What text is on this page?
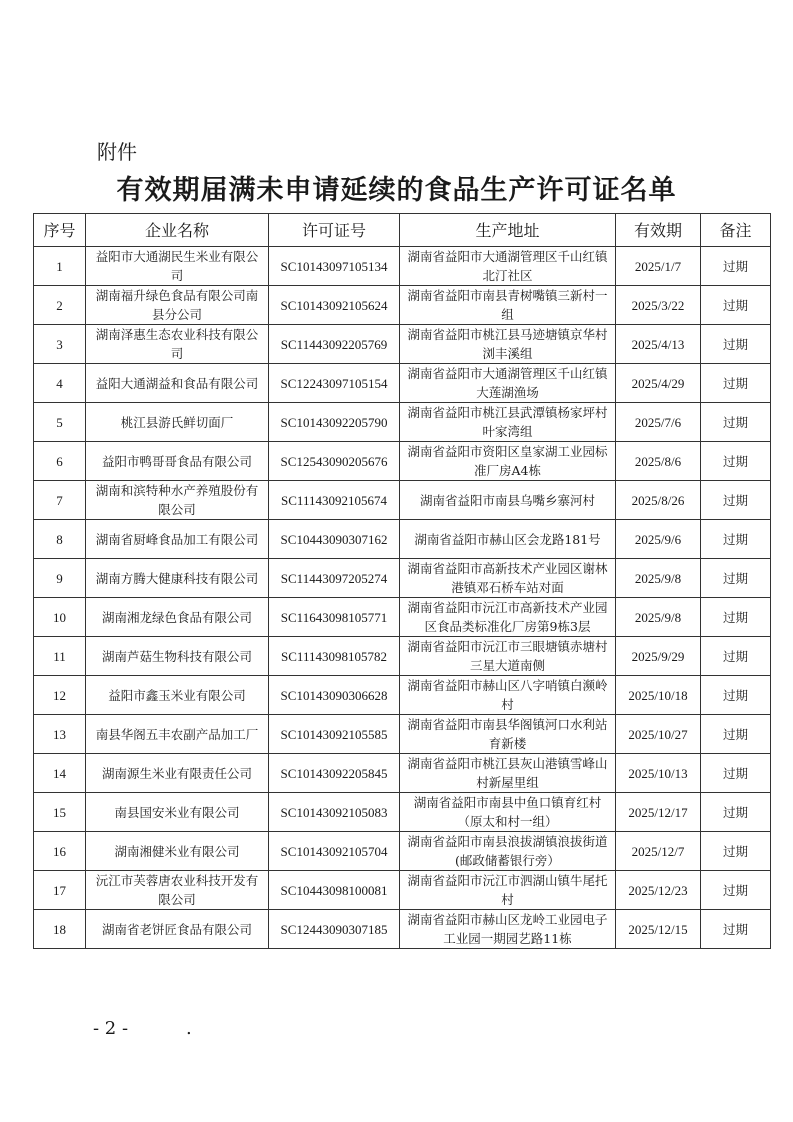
附件
有效期届满未申请延续的食品生产许可证名单
序号	企业名称	许可证号	生产地址	有效期	备注
1	益阳市大通湖民生米业有限公司	SC10143097105134	湖南省益阳市大通湖管理区千山红镇北汀社区	2025/1/7	过期
2	湖南福升绿色食品有限公司南县分公司	SC10143092105624	湖南省益阳市南县青树嘴镇三新村一组	2025/3/22	过期
3	湖南泽惠生态农业科技有限公司	SC11443092205769	湖南省益阳市桃江县马迹塘镇京华村浏丰溪组	2025/4/13	过期
4	益阳大通湖益和食品有限公司	SC12243097105154	湖南省益阳市大通湖管理区千山红镇大莲湖渔场	2025/4/29	过期
5	桃江县游氏鲜切面厂	SC10143092205790	湖南省益阳市桃江县武潭镇杨家坪村叶家湾组	2025/7/6	过期
6	益阳市鸭哥哥食品有限公司	SC12543090205676	湖南省益阳市资阳区皇家湖工业园标准厂房A4栋	2025/8/6	过期
7	湖南和滨特种水产养殖股份有限公司	SC11143092105674	湖南省益阳市南县乌嘴乡寨河村	2025/8/26	过期
8	湖南省厨峰食品加工有限公司	SC10443090307162	湖南省益阳市赫山区会龙路181号	2025/9/6	过期
9	湖南方腾大健康科技有限公司	SC11443097205274	湖南省益阳市高新技术产业园区谢林港镇邓石桥车站对面	2025/9/8	过期
10	湖南湘龙绿色食品有限公司	SC11643098105771	湖南省益阳市沅江市高新技术产业园区食品类标准化厂房第9栋3层	2025/9/8	过期
11	湖南芦菇生物科技有限公司	SC11143098105782	湖南省益阳市沅江市三眼塘镇赤塘村三星大道南侧	2025/9/29	过期
12	益阳市鑫玉米业有限公司	SC10143090306628	湖南省益阳市赫山区八字哨镇白濒岭村	2025/10/18	过期
13	南县华阁五丰农副产品加工厂	SC10143092105585	湖南省益阳市南县华阁镇河口水利站育新楼	2025/10/27	过期
14	湖南源生米业有限责任公司	SC10143092205845	湖南省益阳市桃江县灰山港镇雪峰山村新屋里组	2025/10/13	过期
15	南县国安米业有限公司	SC10143092105083	湖南省益阳市南县中鱼口镇育红村（原太和村一组）	2025/12/17	过期
16	湖南湘健米业有限公司	SC10143092105704	湖南省益阳市南县浪拔湖镇浪拔街道(邮政储蓄银行旁）	2025/12/7	过期
17	沅江市芙蓉唐农业科技开发有限公司	SC10443098100081	湖南省益阳市沅江市泗湖山镇牛尾托村	2025/12/23	过期
18	湖南省老饼匠食品有限公司	SC12443090307185	湖南省益阳市赫山区龙岭工业园电子工业园一期园艺路11栋	2025/12/15	过期
- 2 -	.
